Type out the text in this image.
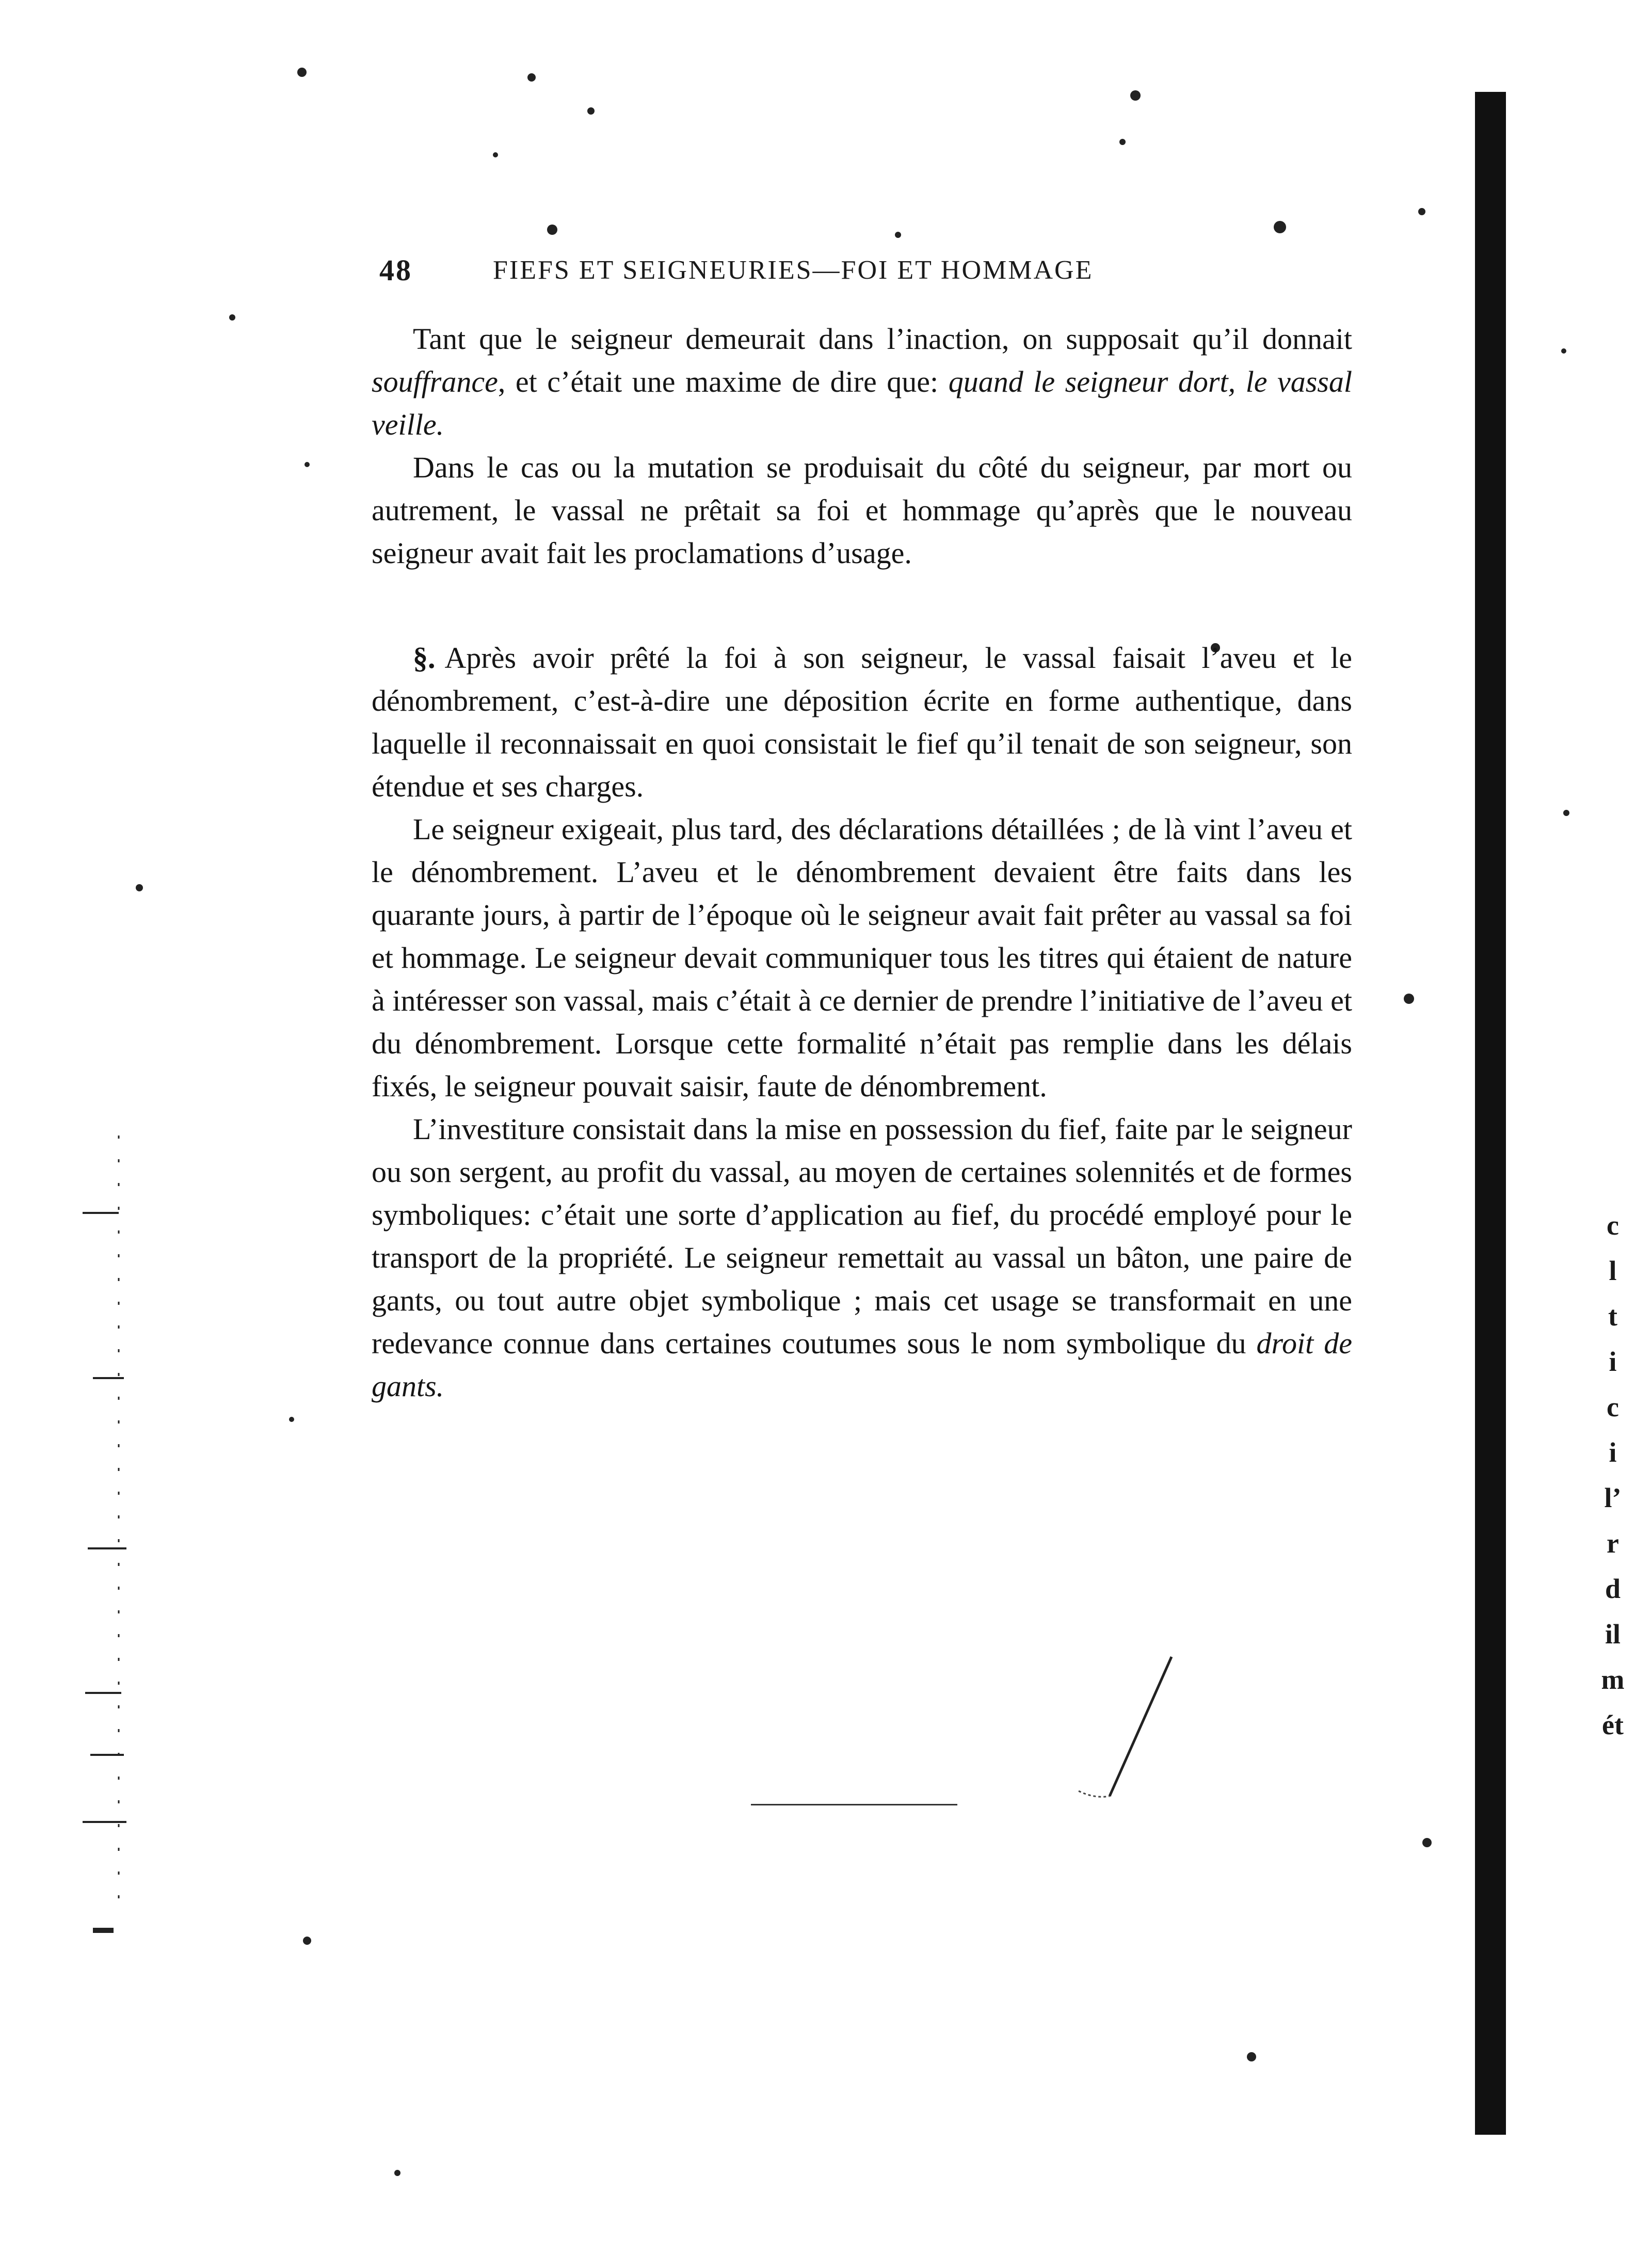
48	FIEFS ET SEIGNEURIES—FOI ET HOMMAGE

Tant que le seigneur demeurait dans l’inaction, on supposait qu’il donnait souffrance, et c’était une maxime de dire que: quand le seigneur dort, le vassal veille.

Dans le cas ou la mutation se produisait du côté du seigneur, par mort ou autrement, le vassal ne prêtait sa foi et hommage qu’après que le nouveau seigneur avait fait les proclamations d’usage.

§. Après avoir prêté la foi à son seigneur, le vassal faisait l’aveu et le dénombrement, c’est-à-dire une déposition écrite en forme authentique, dans laquelle il reconnaissait en quoi consistait le fief qu’il tenait de son seigneur, son étendue et ses charges.

Le seigneur exigeait, plus tard, des déclarations détaillées ; de là vint l’aveu et le dénombrement. L’aveu et le dénombrement devaient être faits dans les quarante jours, à partir de l’époque où le seigneur avait fait prêter au vassal sa foi et hommage. Le seigneur devait communiquer tous les titres qui étaient de nature à intéresser son vassal, mais c’était à ce dernier de prendre l’initiative de l’aveu et du dénombrement. Lorsque cette formalité n’était pas remplie dans les délais fixés, le seigneur pouvait saisir, faute de dénombrement.

L’investiture consistait dans la mise en possession du fief, faite par le seigneur ou son sergent, au profit du vassal, au moyen de certaines solennités et de formes symboliques: c’était une sorte d’application au fief, du procédé employé pour le transport de la propriété. Le seigneur remettait au vassal un bâton, une paire de gants, ou tout autre objet symbolique ; mais cet usage se transformait en une redevance connue dans certaines coutumes sous le nom symbolique du droit de gants.

c
l
t
i
c
i
l’
r
d
il
m
ét
